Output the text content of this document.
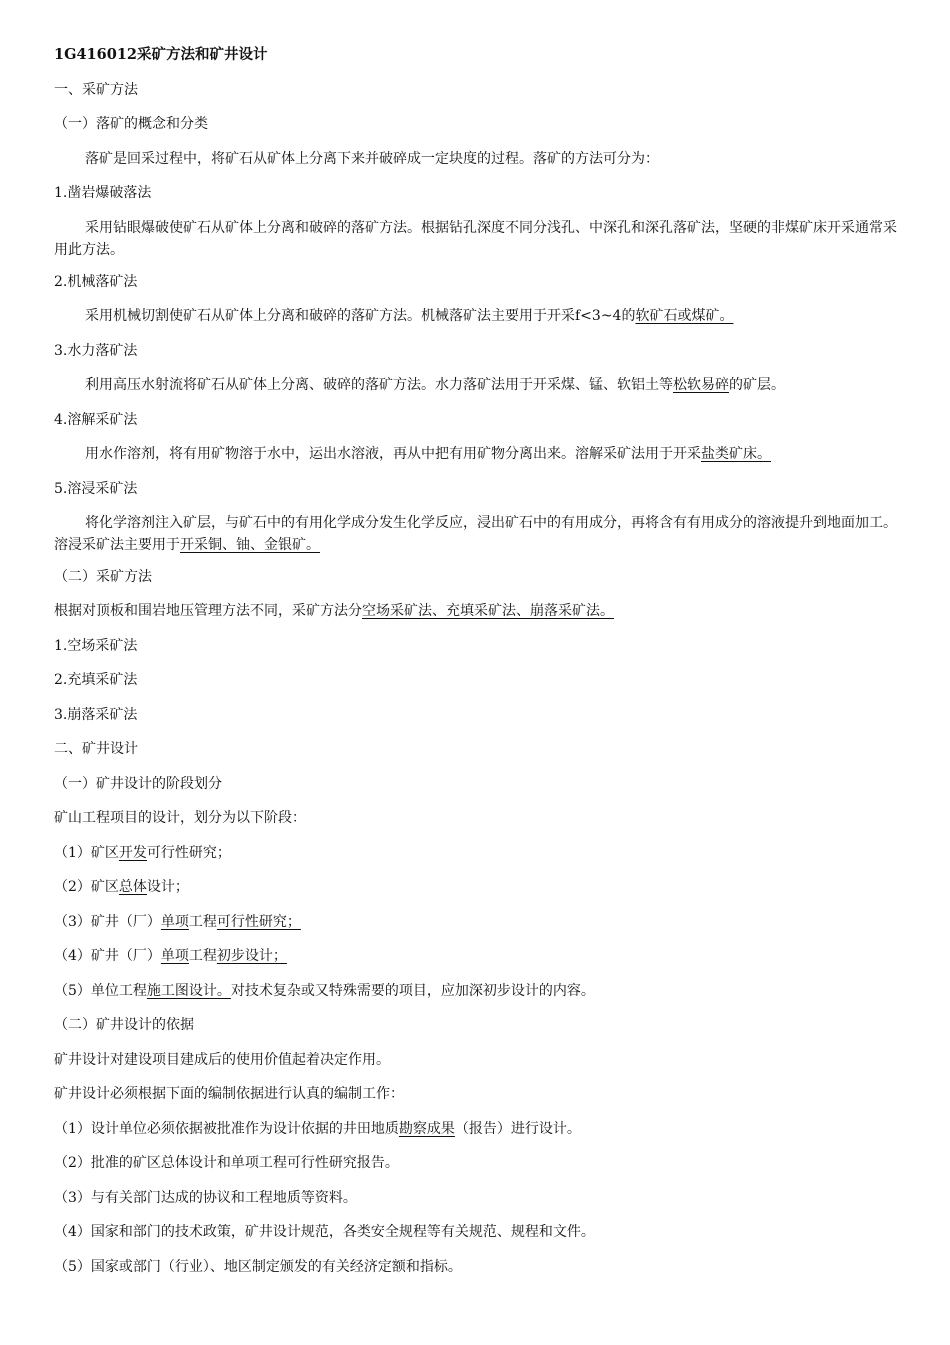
1G416012采矿方法和矿井设计

一、采矿方法

（一）落矿的概念和分类

落矿是回采过程中，将矿石从矿体上分离下来并破碎成一定块度的过程。落矿的方法可分为：

1.凿岩爆破落法

采用钻眼爆破使矿石从矿体上分离和破碎的落矿方法。根据钻孔深度不同分浅孔、中深孔和深孔落矿法，坚硬的非煤矿床开采通常采用此方法。

2.机械落矿法

采用机械切割使矿石从矿体上分离和破碎的落矿方法。机械落矿法主要用于开采f<3~4的软矿石或煤矿。

3.水力落矿法

利用高压水射流将矿石从矿体上分离、破碎的落矿方法。水力落矿法用于开采煤、锰、软铝土等松软易碎的矿层。

4.溶解采矿法

用水作溶剂，将有用矿物溶于水中，运出水溶液，再从中把有用矿物分离出来。溶解采矿法用于开采盐类矿床。

5.溶浸采矿法

将化学溶剂注入矿层，与矿石中的有用化学成分发生化学反应，浸出矿石中的有用成分，再将含有有用成分的溶液提升到地面加工。溶浸采矿法主要用于开采铜、铀、金银矿。

（二）采矿方法

根据对顶板和围岩地压管理方法不同，采矿方法分空场采矿法、充填采矿法、崩落采矿法。

1.空场采矿法

2.充填采矿法

3.崩落采矿法

二、矿井设计

（一）矿井设计的阶段划分

矿山工程项目的设计，划分为以下阶段：

（1）矿区开发可行性研究；

（2）矿区总体设计；

（3）矿井（厂）单项工程可行性研究；

（4）矿井（厂）单项工程初步设计；

（5）单位工程施工图设计。对技术复杂或又特殊需要的项目，应加深初步设计的内容。

（二）矿井设计的依据

矿井设计对建设项目建成后的使用价值起着决定作用。

矿井设计必须根据下面的编制依据进行认真的编制工作：

（1）设计单位必须依据被批准作为设计依据的井田地质勘察成果（报告）进行设计。

（2）批准的矿区总体设计和单项工程可行性研究报告。

（3）与有关部门达成的协议和工程地质等资料。

（4）国家和部门的技术政策，矿井设计规范，各类安全规程等有关规范、规程和文件。

（5）国家或部门（行业）、地区制定颁发的有关经济定额和指标。
